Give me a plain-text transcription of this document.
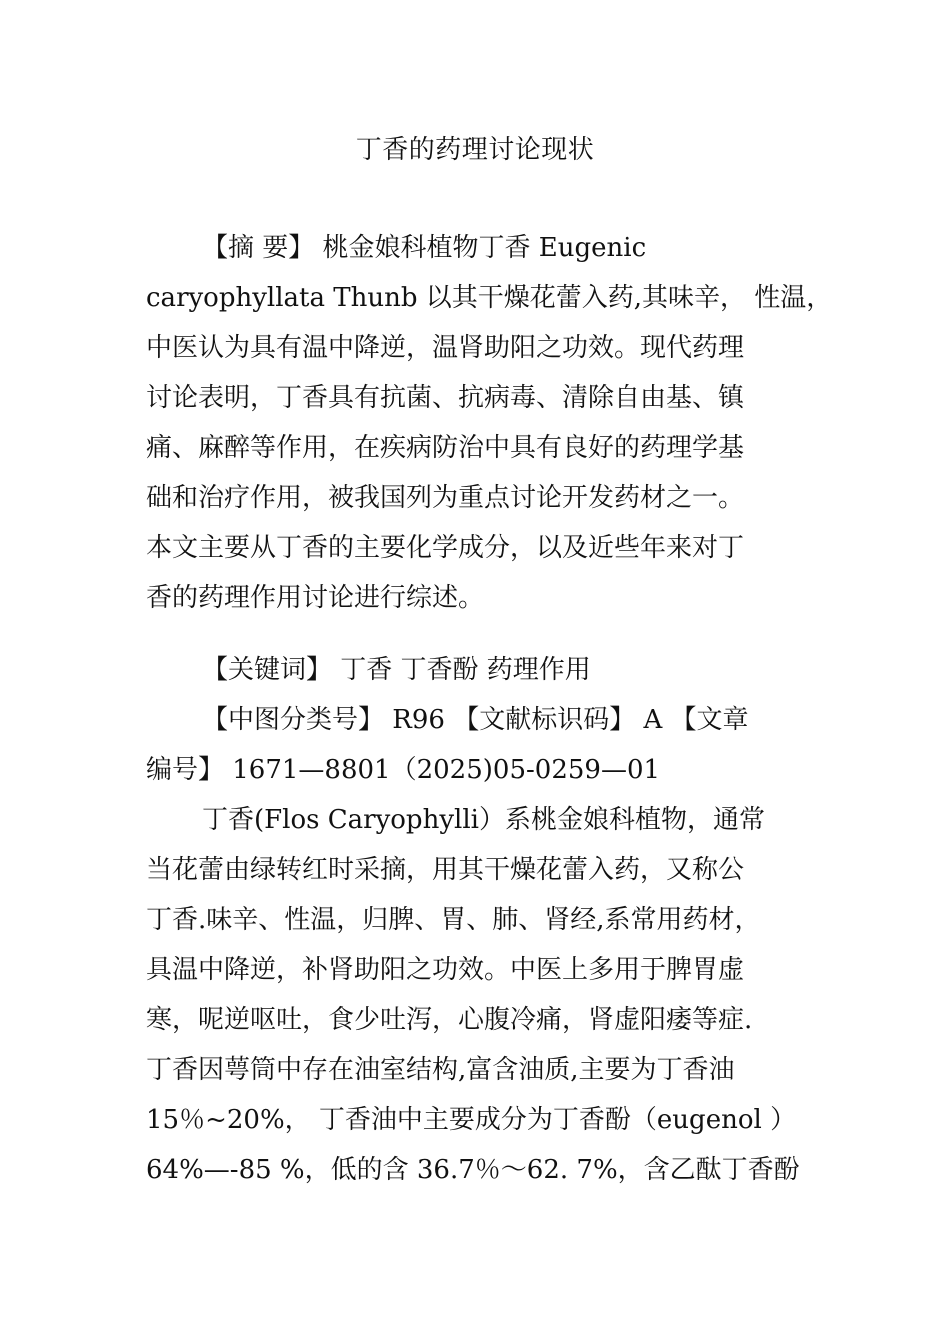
丁香的药理讨论现状
【摘 要】 桃金娘科植物丁香 Eugenic
caryophyllata Thunb 以其干燥花蕾入药,其味辛， 性温，
中医认为具有温中降逆，温肾助阳之功效。现代药理
讨论表明，丁香具有抗菌、抗病毒、清除自由基、镇
痛、麻醉等作用，在疾病防治中具有良好的药理学基
础和治疗作用，被我国列为重点讨论开发药材之一。
本文主要从丁香的主要化学成分，以及近些年来对丁
香的药理作用讨论进行综述。
【关键词】 丁香 丁香酚 药理作用
【中图分类号】 R96 【文献标识码】 A 【文章
编号】 1671—8801（2025)05-0259—01
丁香(Flos Caryophylli）系桃金娘科植物，通常
当花蕾由绿转红时采摘，用其干燥花蕾入药，又称公
丁香.味辛、性温，归脾、胃、肺、肾经,系常用药材，
具温中降逆，补肾助阳之功效。中医上多用于脾胃虚
寒，呢逆呕吐，食少吐泻，心腹冷痛，肾虚阳痿等症.
丁香因萼筒中存在油室结构,富含油质,主要为丁香油
15％~20%， 丁香油中主要成分为丁香酚（eugenol ）
64%—-85 %，低的含 36.7％～62. 7%，含乙酞丁香酚
